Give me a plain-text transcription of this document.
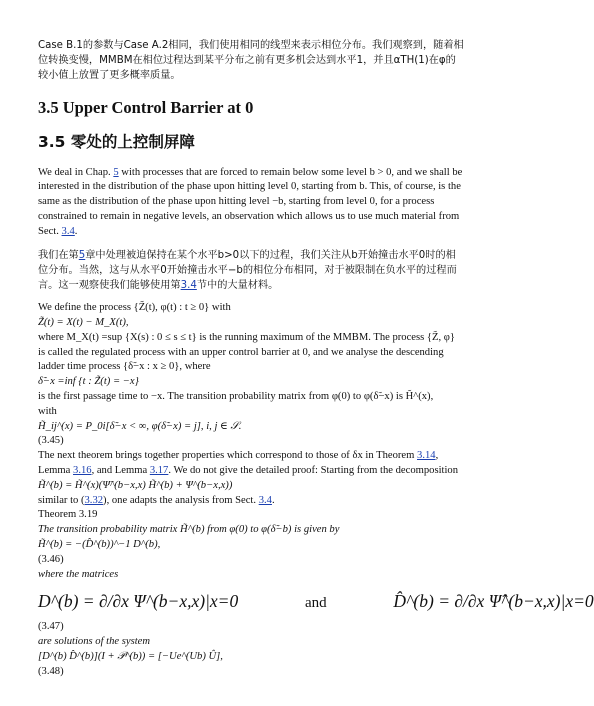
Case B.1的参数与Case A.2相同，我们使用相同的线型来表示相位分布。我们观察到，随着相位转换变慢，MMBM在相位过程达到某平分布之前有更多机会达到水平1，并且αTH(1)在φ的较小值上放置了更多概率质量。

3.5 Upper Control Barrier at 0
3.5 零处的上控制屏障

We deal in Chap. 5 with processes that are forced to remain below some level b > 0, and we shall be interested in the distribution of the phase upon hitting level 0, starting from b. This, of course, is the same as the distribution of the phase upon hitting level −b, starting from level 0, for a process constrained to remain in negative levels, an observation which allows us to use much material from Sect. 3.4.

我们在第5章中处理被迫保持在某个水平b>0以下的过程，我们关注从b开始撞击水平0时的相位分布。当然，这与从水平0开始撞击水平−b的相位分布相同，对于被限制在负水平的过程而言。这一观察使我们能够使用第3.4节中的大量材料。

We define the process {Z̃(t), φ(t) : t ≥ 0} with
Z̃(t) = X(t) − M_X(t),
where M_X(t) =sup {X(s) : 0 ≤ s ≤ t} is the running maximum of the MMBM. The process {Z̃, φ} is called the regulated process with an upper control barrier at 0, and we analyse the descending ladder time process {δ̃−x : x ≥ 0}, where
δ̃−x =inf {t : Z̃(t) = −x}
is the first passage time to −x. The transition probability matrix from φ(0) to φ(δ̃−x) is H̃^(x),
with
H̃_ij^(x) = P_0i[δ̃−x < ∞, φ(δ̃−x) = j], i, j ∈ 𝒮.
(3.45)
The next theorem brings together properties which correspond to those of δx in Theorem 3.14, Lemma 3.16, and Lemma 3.17. We do not give the detailed proof: Starting from the decomposition
H̃^(b) = H̃^(x)(Ψ̃^(b−x,x) H̃^(b) + Ψ^(b−x,x))
similar to (3.32), one adapts the analysis from Sect. 3.4.
Theorem 3.19
The transition probability matrix H̃^(b) from φ(0) to φ(δ̃−b) is given by
H̃^(b) = −(D̂^(b))^−1 D^(b),
(3.46)
where the matrices
D^(b) = ∂/∂x Ψ^(b−x,x)|x=0	and	D̂^(b) = ∂/∂x Ψ̂^(b−x,x)|x=0
(3.47)
are solutions of the system
[D^(b) D̂^(b)](I + 𝒫^(b)) = [−Ue^(Ub) Û],
(3.48)
